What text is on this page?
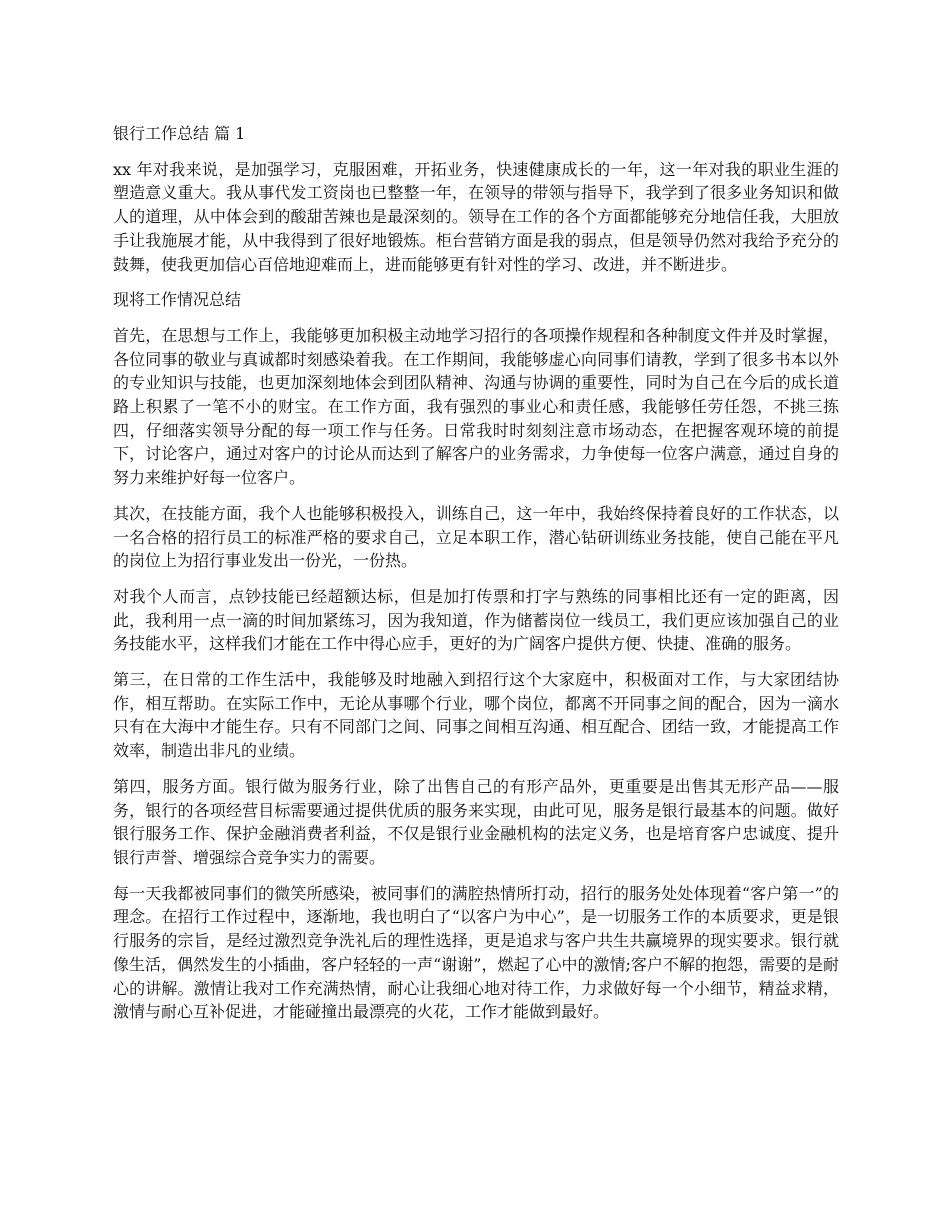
银行工作总结 篇 1

xx 年对我来说，是加强学习，克服困难，开拓业务，快速健康成长的一年，这一年对我的职业生涯的塑造意义重大。我从事代发工资岗也已整整一年，在领导的带领与指导下，我学到了很多业务知识和做人的道理，从中体会到的酸甜苦辣也是最深刻的。领导在工作的各个方面都能够充分地信任我，大胆放手让我施展才能，从中我得到了很好地锻炼。柜台营销方面是我的弱点，但是领导仍然对我给予充分的鼓舞，使我更加信心百倍地迎难而上，进而能够更有针对性的学习、改进，并不断进步。

现将工作情况总结

首先，在思想与工作上，我能够更加积极主动地学习招行的各项操作规程和各种制度文件并及时掌握，各位同事的敬业与真诚都时刻感染着我。在工作期间，我能够虚心向同事们请教，学到了很多书本以外的专业知识与技能，也更加深刻地体会到团队精神、沟通与协调的重要性，同时为自己在今后的成长道路上积累了一笔不小的财宝。在工作方面，我有强烈的事业心和责任感，我能够任劳任怨，不挑三拣四，仔细落实领导分配的每一项工作与任务。日常我时时刻刻注意市场动态，在把握客观环境的前提下，讨论客户，通过对客户的讨论从而达到了解客户的业务需求，力争使每一位客户满意，通过自身的努力来维护好每一位客户。

其次，在技能方面，我个人也能够积极投入，训练自己，这一年中，我始终保持着良好的工作状态，以一名合格的招行员工的标准严格的要求自己，立足本职工作，潜心钻研训练业务技能，使自己能在平凡的岗位上为招行事业发出一份光，一份热。

对我个人而言，点钞技能已经超额达标，但是加打传票和打字与熟练的同事相比还有一定的距离，因此，我利用一点一滴的时间加紧练习，因为我知道，作为储蓄岗位一线员工，我们更应该加强自己的业务技能水平，这样我们才能在工作中得心应手，更好的为广阔客户提供方便、快捷、准确的服务。

第三，在日常的工作生活中，我能够及时地融入到招行这个大家庭中，积极面对工作，与大家团结协作，相互帮助。在实际工作中，无论从事哪个行业，哪个岗位，都离不开同事之间的配合，因为一滴水只有在大海中才能生存。只有不同部门之间、同事之间相互沟通、相互配合、团结一致，才能提高工作效率，制造出非凡的业绩。

第四，服务方面。银行做为服务行业，除了出售自己的有形产品外，更重要是出售其无形产品——服务，银行的各项经营目标需要通过提供优质的服务来实现，由此可见，服务是银行最基本的问题。做好银行服务工作、保护金融消费者利益，不仅是银行业金融机构的法定义务，也是培育客户忠诚度、提升银行声誉、增强综合竞争实力的需要。

每一天我都被同事们的微笑所感染，被同事们的满腔热情所打动，招行的服务处处体现着“客户第一”的理念。在招行工作过程中，逐渐地，我也明白了“以客户为中心”，是一切服务工作的本质要求，更是银行服务的宗旨，是经过激烈竞争洗礼后的理性选择，更是追求与客户共生共赢境界的现实要求。银行就像生活，偶然发生的小插曲，客户轻轻的一声“谢谢”，燃起了心中的激情;客户不解的抱怨，需要的是耐心的讲解。激情让我对工作充满热情，耐心让我细心地对待工作，力求做好每一个小细节，精益求精，激情与耐心互补促进，才能碰撞出最漂亮的火花，工作才能做到最好。
